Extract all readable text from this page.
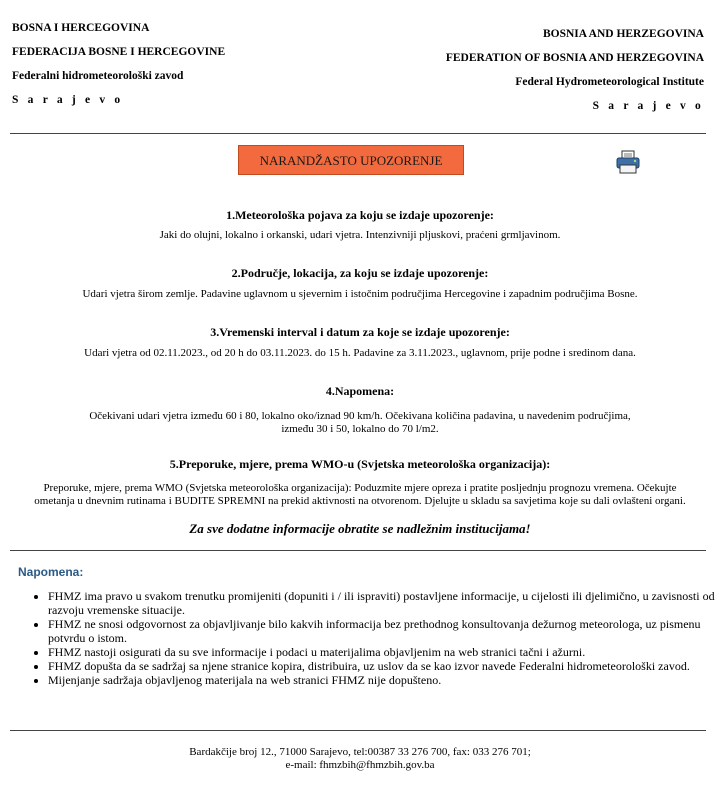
BOSNA I HERCEGOVINA
FEDERACIJA BOSNE I HERCEGOVINE
Federalni hidrometeorološki zavod
S a r a j e v o
BOSNIA AND HERZEGOVINA
FEDERATION OF BOSNIA AND HERZEGOVINA
Federal Hydrometeorological Institute
S a r a j e v o
NARANDŽASTO UPOZORENJE
1.Meteorološka pojava za koju se izdaje upozorenje:
Jaki do olujni, lokalno i orkanski, udari vjetra. Intenzivniji pljuskovi, praćeni grmljavinom.
2.Područje, lokacija, za koju se izdaje upozorenje:
Udari vjetra širom zemlje. Padavine uglavnom u sjevernim i istočnim područjima Hercegovine i zapadnim područjima Bosne.
3.Vremenski interval i datum za koje se izdaje upozorenje:
Udari vjetra od 02.11.2023., od 20 h do 03.11.2023. do 15 h. Padavine za 3.11.2023., uglavnom, prije podne i sredinom dana.
4.Napomena:
Očekivani udari vjetra između 60 i 80, lokalno oko/iznad 90 km/h. Očekivana količina padavina, u navedenim područjima, između 30 i 50, lokalno do 70 l/m2.
5.Preporuke, mjere, prema WMO-u (Svjetska meteorološka organizacija):
Preporuke, mjere, prema WMO (Svjetska meteorološka organizacija): Poduzmite mjere opreza i pratite posljednju prognozu vremena. Očekujte ometanja u dnevnim rutinama i BUDITE SPREMNI na prekid aktivnosti na otvorenom. Djelujte u skladu sa savjetima koje su dali ovlašteni organi.
Za sve dodatne informacije obratite se nadležnim institucijama!
Napomena:
• FHMZ ima pravo u svakom trenutku promijeniti (dopuniti i / ili ispraviti) postavljene informacije, u cijelosti ili djelimično, u zavisnosti od razvoju vremenske situacije.
• FHMZ ne snosi odgovornost za objavljivanje bilo kakvih informacija bez prethodnog konsultovanja dežurnog meteorologa, uz pismenu potvrdu o istom.
• FHMZ nastoji osigurati da su sve informacije i podaci u materijalima objavljenim na web stranici tačni i ažurni.
• FHMZ dopušta da se sadržaj sa njene stranice kopira, distribuira, uz uslov da se kao izvor navede Federalni hidrometeorološki zavod.
• Mijenjanje sadržaja objavljenog materijala na web stranici FHMZ nije dopušteno.
Bardakčije broj 12., 71000 Sarajevo, tel:00387 33 276 700, fax: 033 276 701;
e-mail: fhmzbih@fhmzbih.gov.ba
